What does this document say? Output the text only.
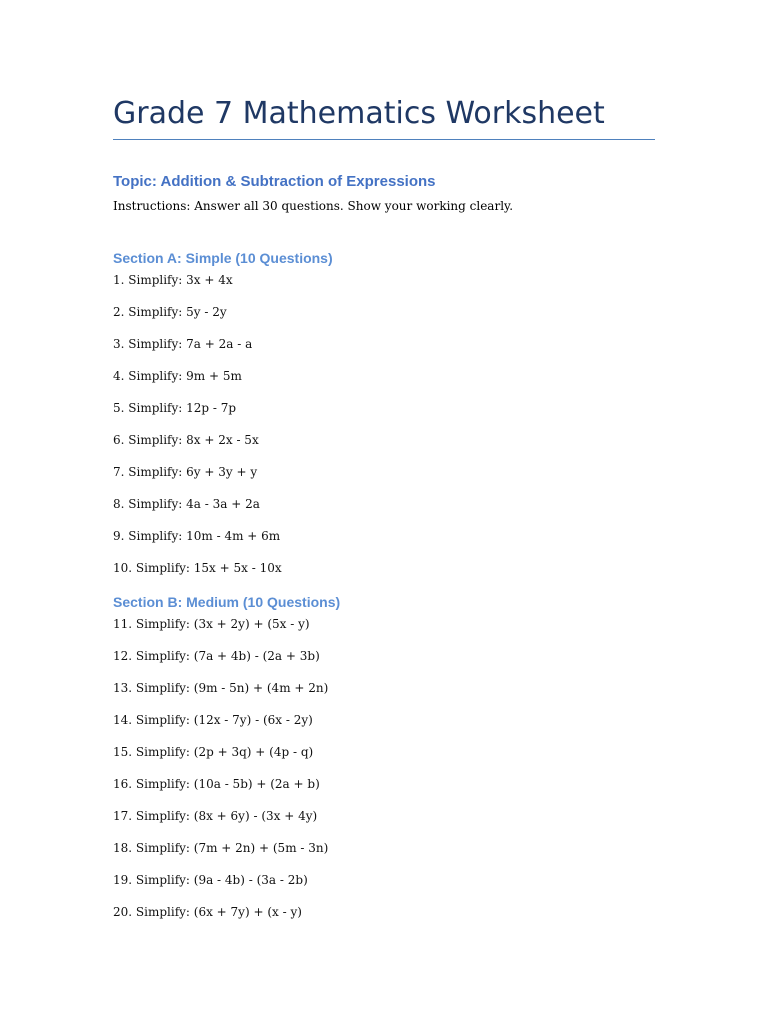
Grade 7 Mathematics Worksheet
Topic: Addition & Subtraction of Expressions
Instructions: Answer all 30 questions. Show your working clearly.
Section A: Simple (10 Questions)
1. Simplify: 3x + 4x
2. Simplify: 5y - 2y
3. Simplify: 7a + 2a - a
4. Simplify: 9m + 5m
5. Simplify: 12p - 7p
6. Simplify: 8x + 2x - 5x
7. Simplify: 6y + 3y + y
8. Simplify: 4a - 3a + 2a
9. Simplify: 10m - 4m + 6m
10. Simplify: 15x + 5x - 10x
Section B: Medium (10 Questions)
11. Simplify: (3x + 2y) + (5x - y)
12. Simplify: (7a + 4b) - (2a + 3b)
13. Simplify: (9m - 5n) + (4m + 2n)
14. Simplify: (12x - 7y) - (6x - 2y)
15. Simplify: (2p + 3q) + (4p - q)
16. Simplify: (10a - 5b) + (2a + b)
17. Simplify: (8x + 6y) - (3x + 4y)
18. Simplify: (7m + 2n) + (5m - 3n)
19. Simplify: (9a - 4b) - (3a - 2b)
20. Simplify: (6x + 7y) + (x - y)
